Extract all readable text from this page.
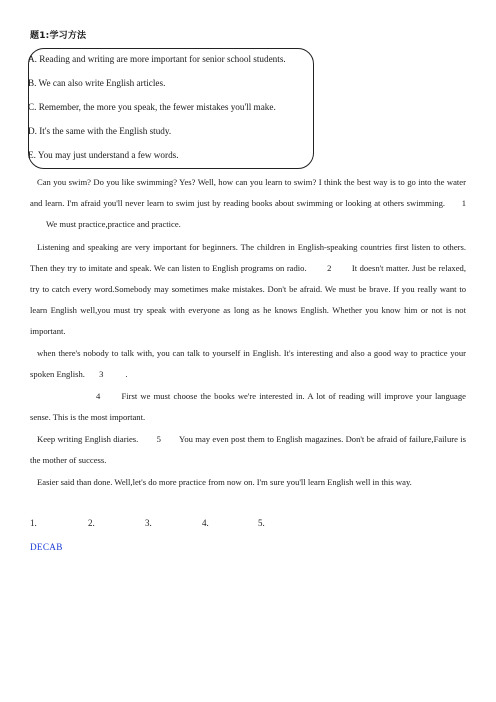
题1:学习方法
A. Reading and writing are more important for senior school students.
B. We can also write English articles.
C. Remember, the more you speak, the fewer mistakes you'll make.
D. It's the same with the English study.
E. You may just understand a few words.

Can you swim? Do you like swimming? Yes? Well, how can you learn to swim? I think the best way is to go into the water and learn. I'm afraid you'll never learn to swim just by reading books about swimming or looking at others swimming. 1 We must practice,practice and practice.

Listening and speaking are very important for beginners. The children in English-speaking countries first listen to others. Then they try to imitate and speak. We can listen to English programs on radio. 2 It doesn't matter. Just be relaxed, try to catch every word.Somebody may sometimes make mistakes. Don't be afraid. We must be brave. If you really want to learn English well,you must try speak with everyone as long as he knows English. Whether you know him or not is not important.

when there's nobody to talk with, you can talk to yourself in English. It's interesting and also a good way to practice your spoken English. 3	.

4 First we must choose the books we're interested in. A lot of reading will improve your language sense. This is the most important.

Keep writing English diaries. 5 You may even post them to English magazines. Don't be afraid of failure,Failure is the mother of success.

Easier said than done. Well,let's do more practice from now on. I'm sure you'll learn English well in this way.

1.	2.	3.	4.	5.
DECAB
